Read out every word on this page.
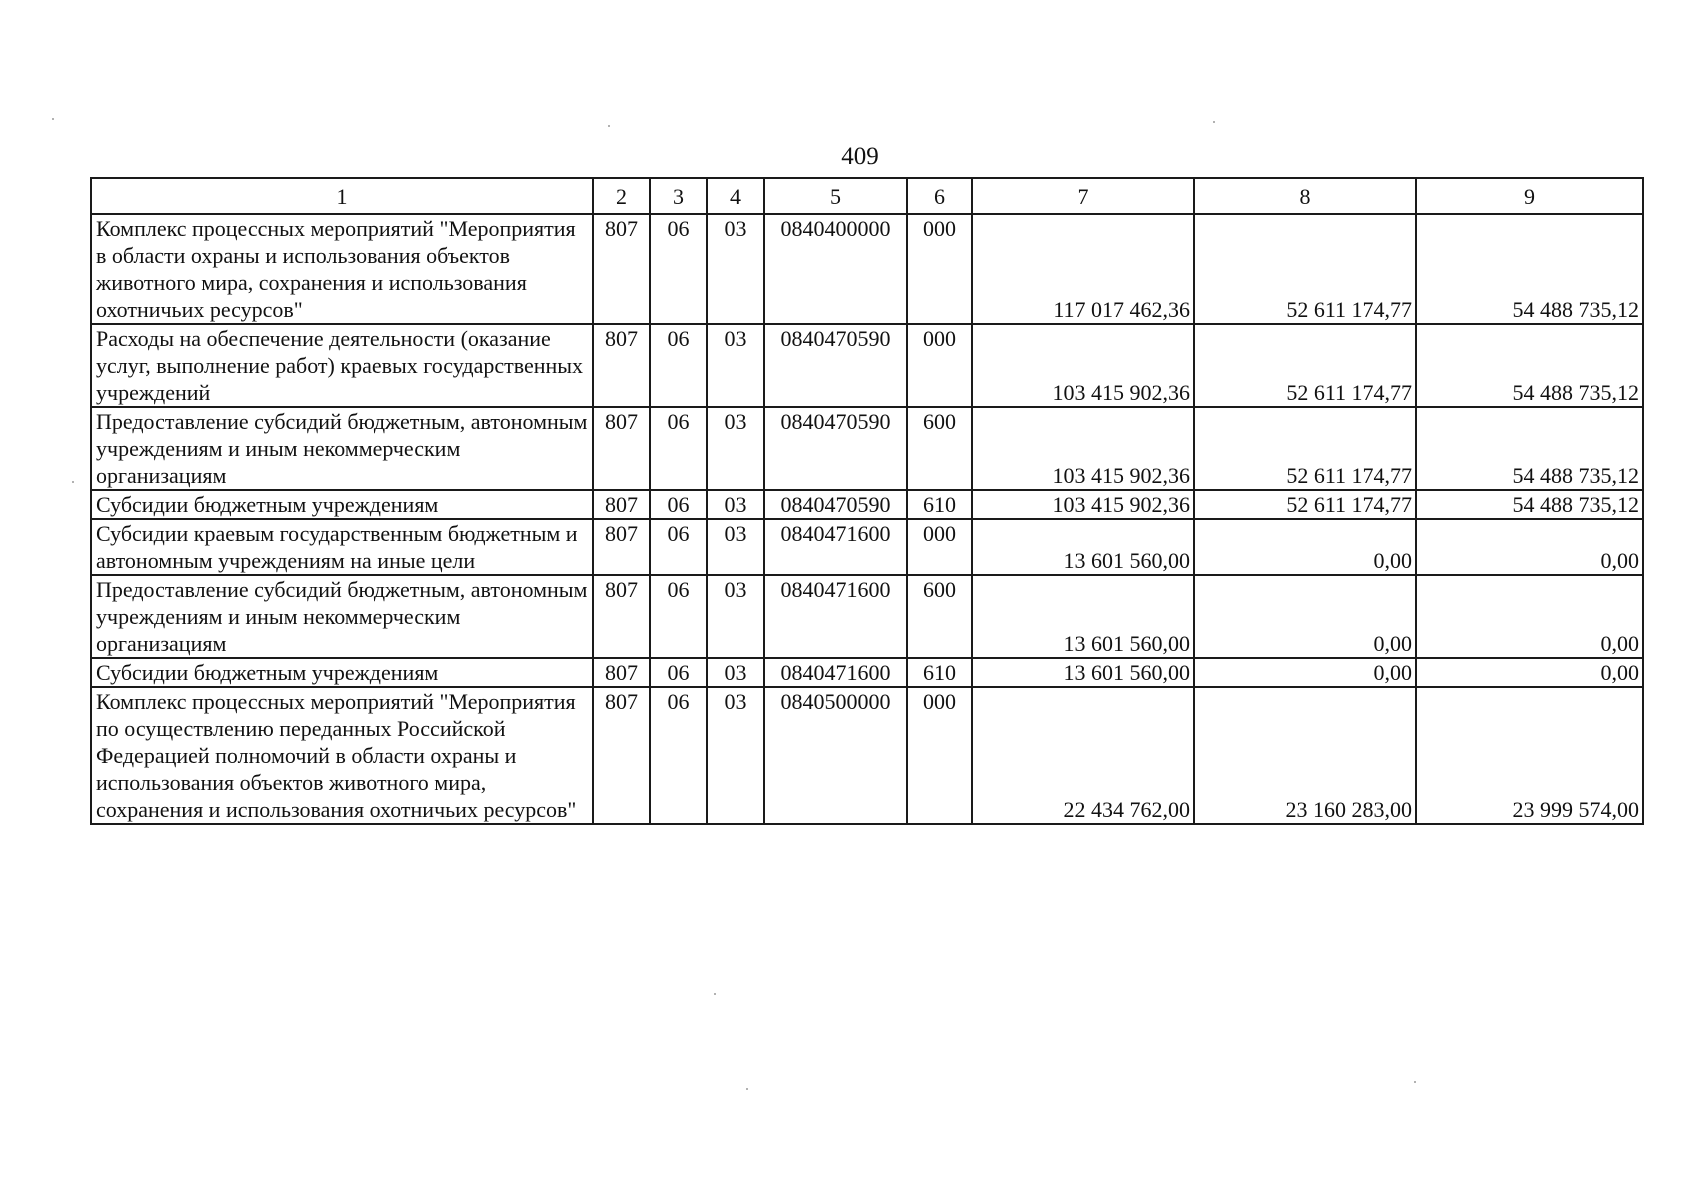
409
1	2	3	4	5	6	7	8	9
Комплекс процессных мероприятий "Мероприятия в области охраны и использования объектов животного мира, сохранения и использования охотничьих ресурсов"	807	06	03	0840400000	000	117 017 462,36	52 611 174,77	54 488 735,12
Расходы на обеспечение деятельности (оказание услуг, выполнение работ) краевых государственных учреждений	807	06	03	0840470590	000	103 415 902,36	52 611 174,77	54 488 735,12
Предоставление субсидий бюджетным, автономным учреждениям и иным некоммерческим организациям	807	06	03	0840470590	600	103 415 902,36	52 611 174,77	54 488 735,12
Субсидии бюджетным учреждениям	807	06	03	0840470590	610	103 415 902,36	52 611 174,77	54 488 735,12
Субсидии краевым государственным бюджетным и автономным учреждениям на иные цели	807	06	03	0840471600	000	13 601 560,00	0,00	0,00
Предоставление субсидий бюджетным, автономным учреждениям и иным некоммерческим организациям	807	06	03	0840471600	600	13 601 560,00	0,00	0,00
Субсидии бюджетным учреждениям	807	06	03	0840471600	610	13 601 560,00	0,00	0,00
Комплекс процессных мероприятий "Мероприятия по осуществлению переданных Российской Федерацией полномочий в области охраны и использования объектов животного мира, сохранения и использования охотничьих ресурсов"	807	06	03	0840500000	000	22 434 762,00	23 160 283,00	23 999 574,00
